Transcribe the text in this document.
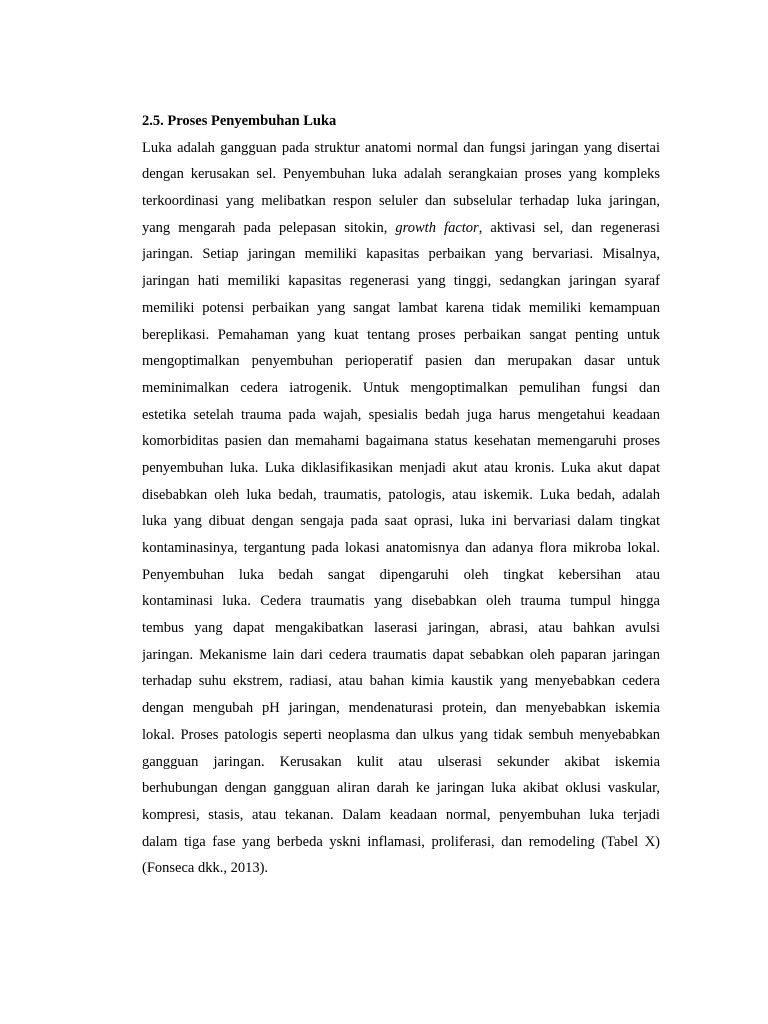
2.5. Proses Penyembuhan Luka
Luka adalah gangguan pada struktur anatomi normal dan fungsi jaringan yang disertai
dengan kerusakan sel. Penyembuhan luka adalah serangkaian proses yang kompleks
terkoordinasi yang melibatkan respon seluler dan subselular terhadap luka jaringan,
yang mengarah pada pelepasan sitokin, growth factor, aktivasi sel, dan regenerasi
jaringan. Setiap jaringan memiliki kapasitas perbaikan yang bervariasi. Misalnya,
jaringan hati memiliki kapasitas regenerasi yang tinggi, sedangkan jaringan syaraf
memiliki potensi perbaikan yang sangat lambat karena tidak memiliki kemampuan
bereplikasi. Pemahaman yang kuat tentang proses perbaikan sangat penting untuk
mengoptimalkan penyembuhan perioperatif pasien dan merupakan dasar untuk
meminimalkan cedera iatrogenik. Untuk mengoptimalkan pemulihan fungsi dan
estetika setelah trauma pada wajah, spesialis bedah juga harus mengetahui keadaan
komorbiditas pasien dan memahami bagaimana status kesehatan memengaruhi proses
penyembuhan luka. Luka diklasifikasikan menjadi akut atau kronis. Luka akut dapat
disebabkan oleh luka bedah, traumatis, patologis, atau iskemik. Luka bedah, adalah
luka yang dibuat dengan sengaja pada saat oprasi, luka ini bervariasi dalam tingkat
kontaminasinya, tergantung pada lokasi anatomisnya dan adanya flora mikroba lokal.
Penyembuhan luka bedah sangat dipengaruhi oleh tingkat kebersihan atau
kontaminasi luka. Cedera traumatis yang disebabkan oleh trauma tumpul hingga
tembus yang dapat mengakibatkan laserasi jaringan, abrasi, atau bahkan avulsi
jaringan. Mekanisme lain dari cedera traumatis dapat sebabkan oleh paparan jaringan
terhadap suhu ekstrem, radiasi, atau bahan kimia kaustik yang menyebabkan cedera
dengan mengubah pH jaringan, mendenaturasi protein, dan menyebabkan iskemia
lokal. Proses patologis seperti neoplasma dan ulkus yang tidak sembuh menyebabkan
gangguan jaringan. Kerusakan kulit atau ulserasi sekunder akibat iskemia
berhubungan dengan gangguan aliran darah ke jaringan luka akibat oklusi vaskular,
kompresi, stasis, atau tekanan. Dalam keadaan normal, penyembuhan luka terjadi
dalam tiga fase yang berbeda yskni inflamasi, proliferasi, dan remodeling (Tabel X)
(Fonseca dkk., 2013).
